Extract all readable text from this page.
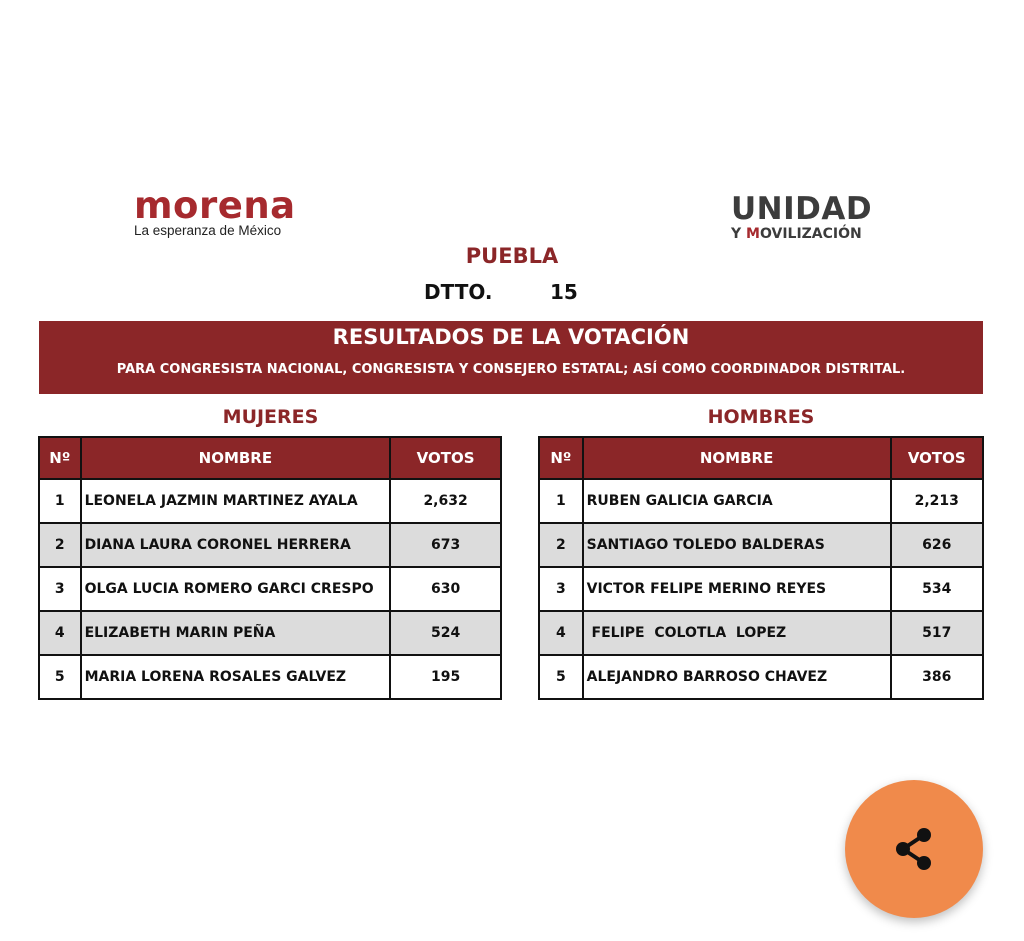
morena
La esperanza de México
UNIDAD
Y MOVILIZACIÓN
PUEBLA
DTTO.	15
RESULTADOS DE LA VOTACIÓN
PARA CONGRESISTA NACIONAL, CONGRESISTA Y CONSEJERO ESTATAL; ASÍ COMO COORDINADOR DISTRITAL.
MUJERES	HOMBRES
Nº	NOMBRE	VOTOS
1	LEONELA JAZMIN MARTINEZ AYALA	2,632
2	DIANA LAURA CORONEL HERRERA	673
3	OLGA LUCIA ROMERO GARCI CRESPO	630
4	ELIZABETH MARIN PEÑA	524
5	MARIA LORENA ROSALES GALVEZ	195
Nº	NOMBRE	VOTOS
1	RUBEN GALICIA GARCIA	2,213
2	SANTIAGO TOLEDO BALDERAS	626
3	VICTOR FELIPE MERINO REYES	534
4	FELIPE  COLOTLA  LOPEZ	517
5	ALEJANDRO BARROSO CHAVEZ	386
